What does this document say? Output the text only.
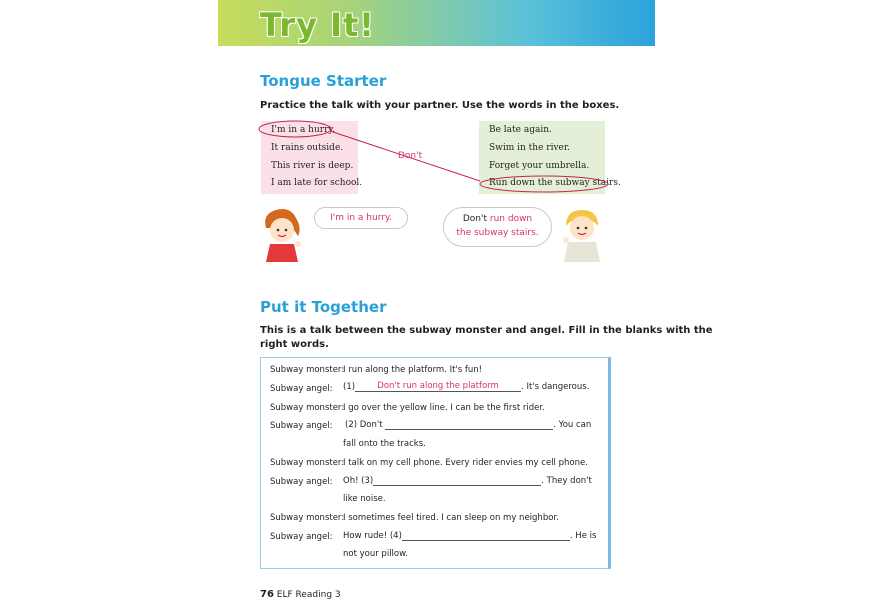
Try It!
Tongue Starter
Practice the talk with your partner. Use the words in the boxes.
I'm in a hurry.
It rains outside.
This river is deep.
I am late for school.
Be late again.
Swim in the river.
Forget your umbrella.
Run down the subway stairs.
Don't
I'm in a hurry.	Don't run down
the subway stairs.
Put it Together
This is a talk between the subway monster and angel. Fill in the blanks with the
right words.
Subway monster:
I run along the platform. It's fun!
Subway angel: (1)	Don't run along the platform	. It's dangerous.
Subway monster:
I go over the yellow line. I can be the first rider.
Subway angel: (2) Don't	. You can
fall onto the tracks.
Subway monster:
I talk on my cell phone. Every rider envies my cell phone.
Subway angel: Oh! (3)	. They don't
like noise.
Subway monster:
I sometimes feel tired. I can sleep on my neighbor.
Subway angel: How rude! (4)	. He is
not your pillow.
76 ELF Reading 3
